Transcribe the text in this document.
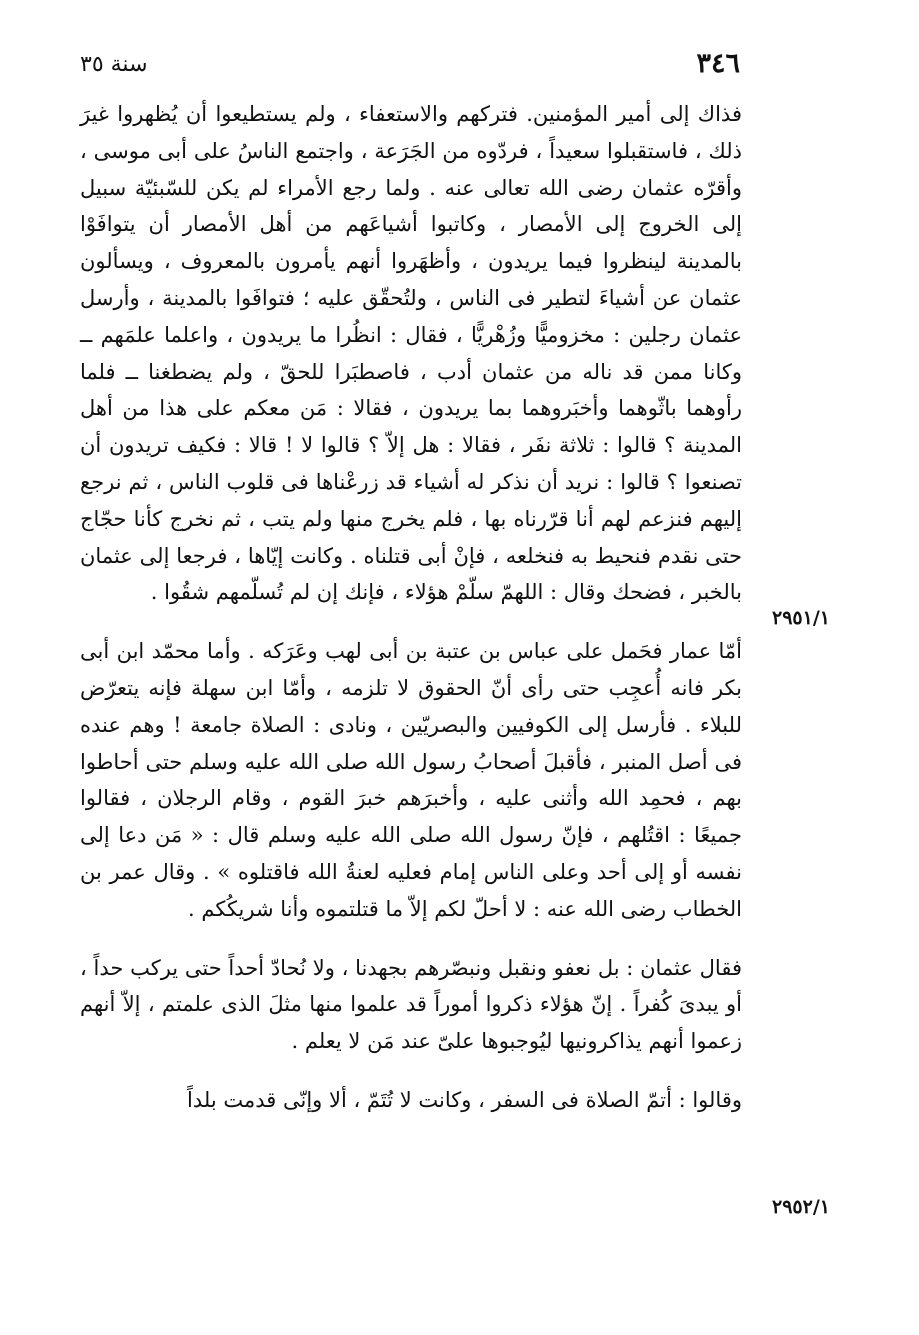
٣٤٦
سنة ٣٥

فذاك إلى أمير المؤمنين. فتركهم والاستعفاء ، ولم يستطيعوا أن يُظهروا غيرَ ذلك ، فاستقبلوا سعيداً ، فردّوه من الجَرَعة ، واجتمع الناسُ على أبى موسى ، وأقرّه عثمان رضى الله تعالى عنه . ولما رجع الأمراء لم يكن للسّبئيّة سبيل إلى الخروج إلى الأمصار ، وكاتبوا أشياعَهم من أهل الأمصار أن يتوافَوْا بالمدينة لينظروا فيما يريدون ، وأظهَروا أنهم يأمرون بالمعروف ، ويسألون عثمان عن أشياءَ لتطير فى الناس ، ولتُحقّق عليه ؛ فتوافَوا بالمدينة ، وأرسل عثمان رجلين : مخزوميًّا وزُهْريًّا ، فقال : انظُرا ما يريدون ، واعلما علمَهم ــ وكانا ممن قد ناله من عثمان أدب ، فاصطبَرا للحقّ ، ولم يضطغنا ــ فلما رأوهما باثّوهما وأخبَروهما بما يريدون ، فقالا : مَن معكم على هذا من أهل المدينة ؟ قالوا : ثلاثة نفَر ، فقالا : هل إلاّ ؟ قالوا لا ! قالا : فكيف تريدون أن تصنعوا ؟ قالوا : نريد أن نذكر له أشياء قد زرعْناها فى قلوب الناس ، ثم نرجع إليهم فنزعم لهم أنا قرّرناه بها ، فلم يخرج منها ولم يتب ، ثم نخرج كأنا حجّاج حتى نقدم فنحيط به فنخلعه ، فإنْ أبى قتلناه . وكانت إيّاها ، فرجعا إلى عثمان بالخبر ، فضحك وقال : اللهمّ سلّمْ هؤلاء ، فإنك إن لم تُسلّمهم شقُوا .

أمّا عمار فحَمل على عباس بن عتبة بن أبى لهب وعَرَكه . وأما محمّد ابن أبى بكر فانه أُعجِب حتى رأى أنّ الحقوق لا تلزمه ، وأمّا ابن سهلة فإنه يتعرّض للبلاء . فأرسل إلى الكوفيين والبصريّين ، ونادى : الصلاة جامعة ! وهم عنده فى أصل المنبر ، فأقبلَ أصحابُ رسول الله صلى الله عليه وسلم حتى أحاطوا بهم ، فحمِد الله وأثنى عليه ، وأخبرَهم خبرَ القوم ، وقام الرجلان ، فقالوا جميعًا : اقتُلهم ، فإنّ رسول الله صلى الله عليه وسلم قال : « مَن دعا إلى نفسه أو إلى أحد وعلى الناس إمام فعليه لعنةُ الله فاقتلوه » . وقال عمر بن الخطاب رضى الله عنه : لا أحلّ لكم إلاّ ما قتلتموه وأنا شريكُكم .

فقال عثمان : بل نعفو ونقبل ونبصّرهم بجهدنا ، ولا نُحادّ أحداً حتى يركب حداً ، أو يبدىَ كُفراً . إنّ هؤلاء ذكروا أموراً قد علموا منها مثلَ الذى علمتم ، إلاّ أنهم زعموا أنهم يذاكرونيها ليُوجبوها علىّ عند مَن لا يعلم .

وقالوا : أتمّ الصلاة فى السفر ، وكانت لا تُتَمّ ، ألا وإنّى قدمت بلداً

٢٩٥١/١
٢٩٥٢/١
